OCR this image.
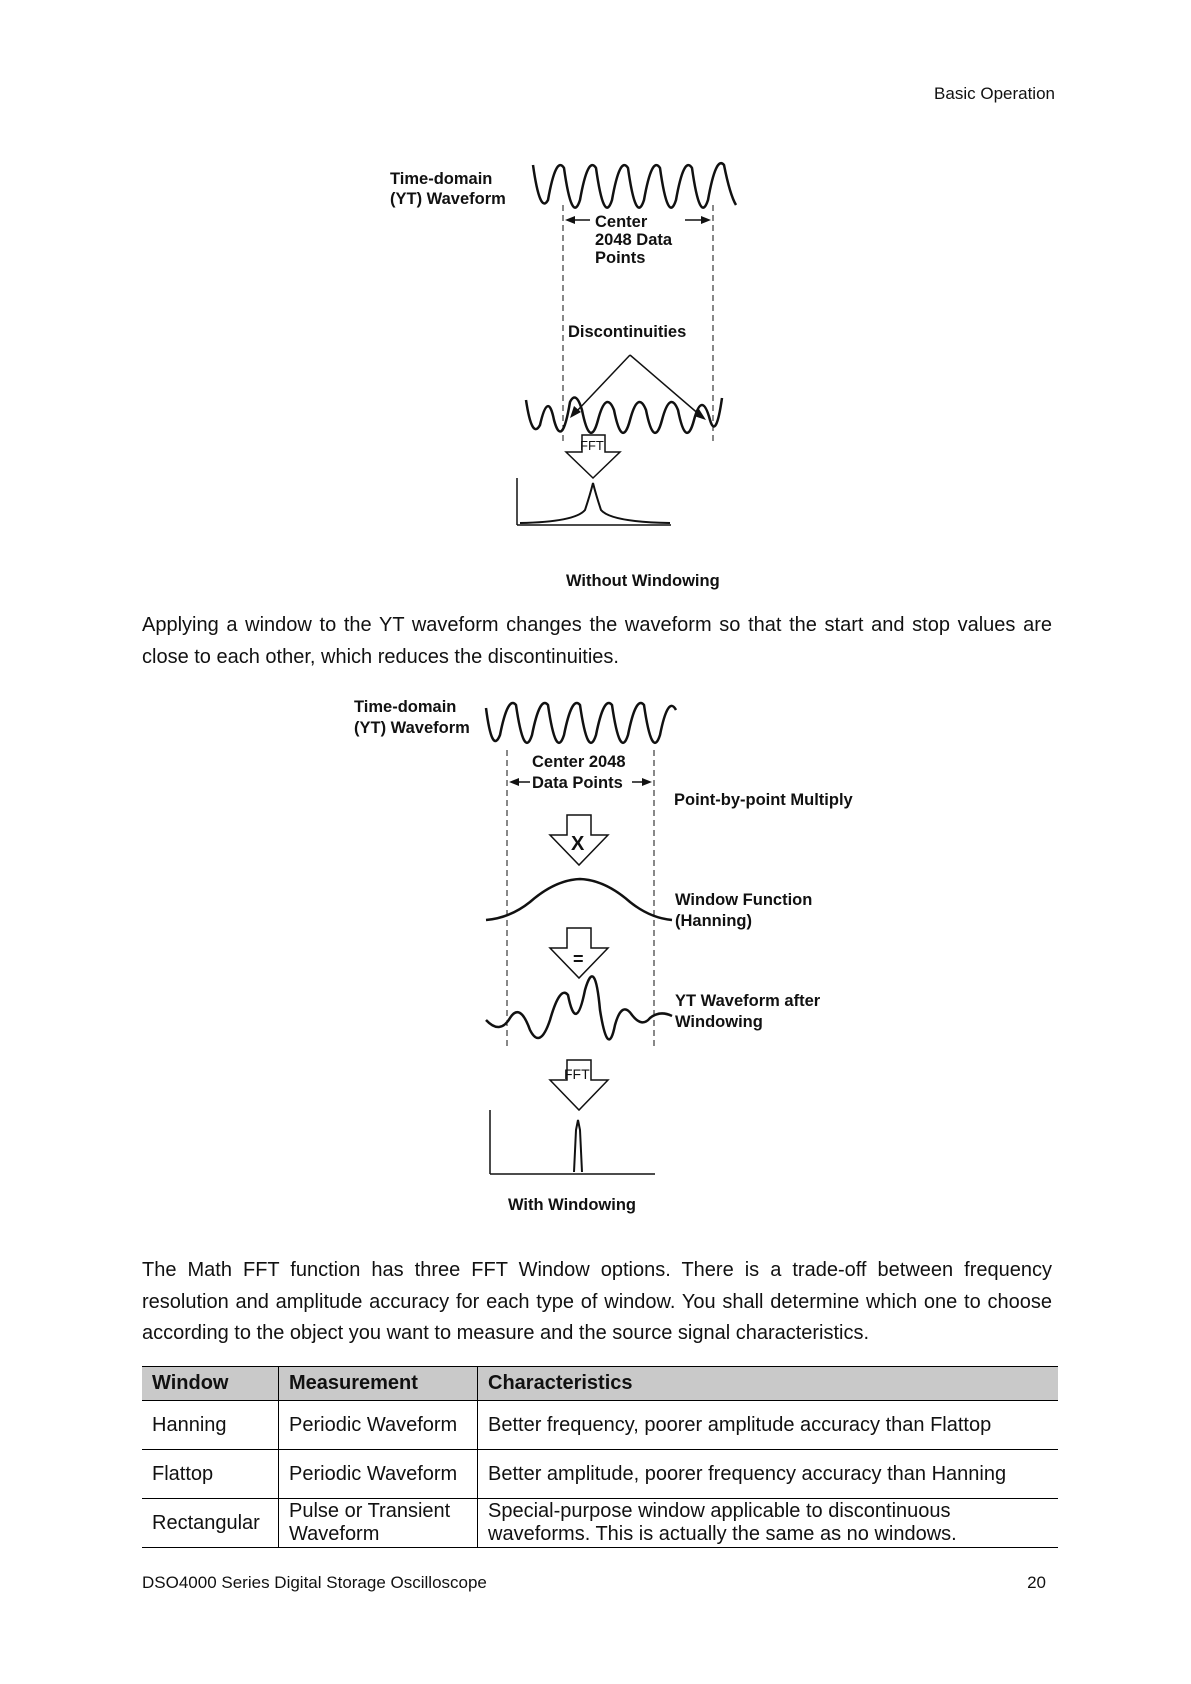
Basic Operation
Time-domain
(YT) Waveform
Center
2048 Data
Points
Discontinuities
Without Windowing
FFT

Applying a window to the YT waveform changes the waveform so that the start and stop values are close to each other, which reduces the discontinuities.

Time-domain
(YT) Waveform
Center 2048
Data Points
Point-by-point Multiply
Window Function
(Hanning)
YT Waveform after
Windowing
With Windowing
X
=
FFT

The Math FFT function has three FFT Window options. There is a trade-off between frequency resolution and amplitude accuracy for each type of window. You shall determine which one to choose according to the object you want to measure and the source signal characteristics.

Window	Measurement	Characteristics
Hanning	Periodic Waveform	Better frequency, poorer amplitude accuracy than Flattop
Flattop	Periodic Waveform	Better amplitude, poorer frequency accuracy than Hanning
Rectangular	Pulse or Transient Waveform	Special-purpose window applicable to discontinuous waveforms. This is actually the same as no windows.
DSO4000 Series Digital Storage Oscilloscope	20
